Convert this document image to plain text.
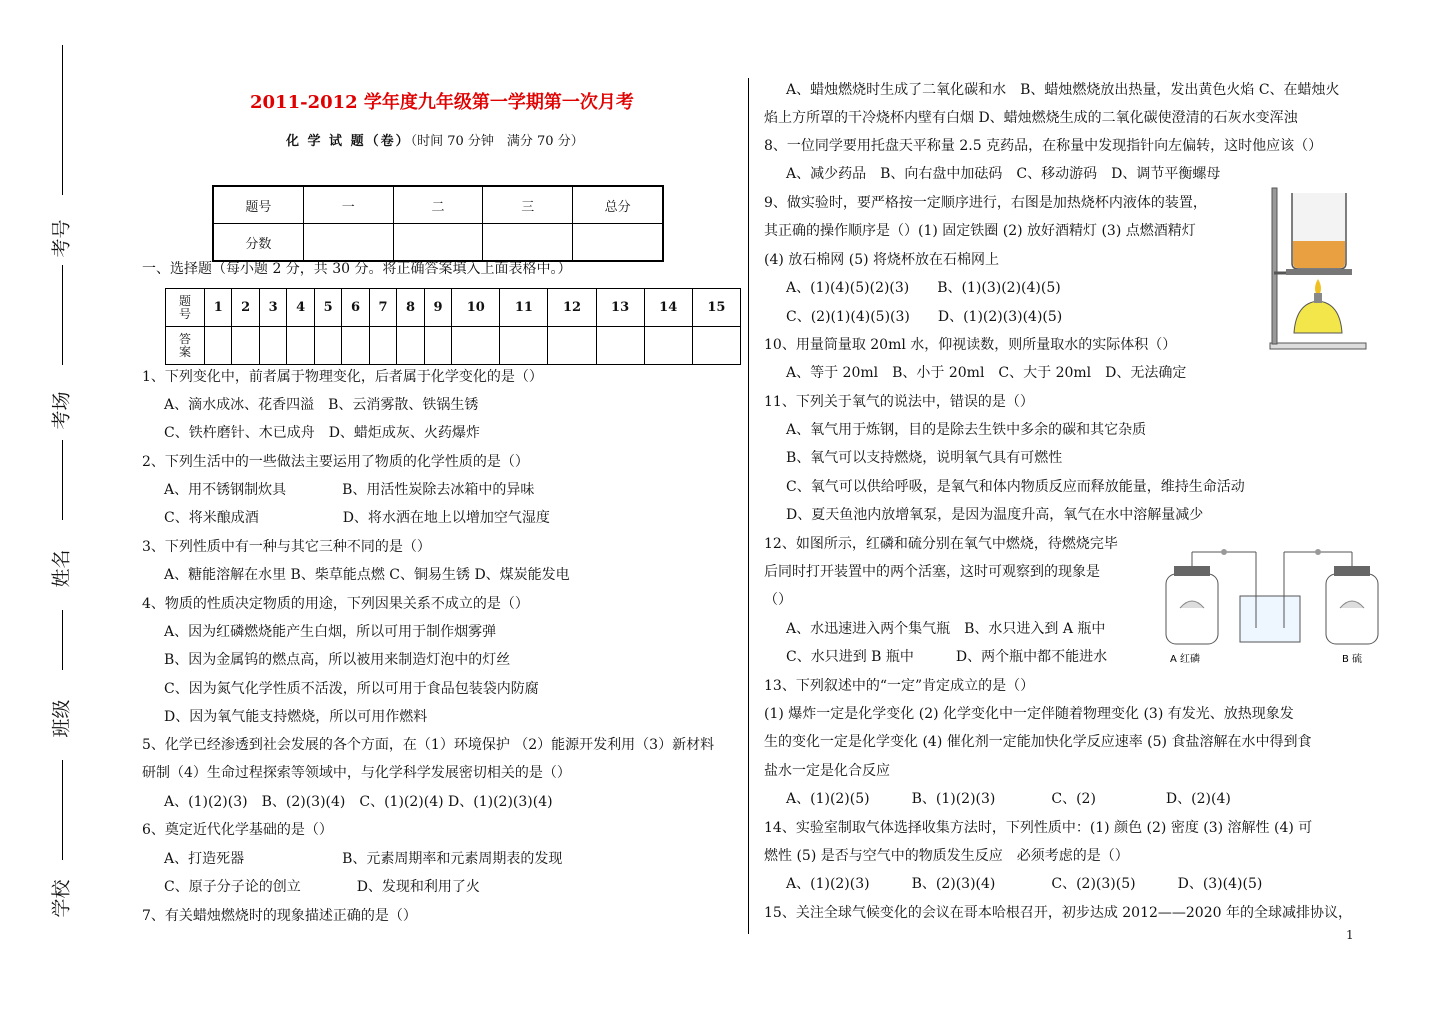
考号
考场
姓名
班级
学校
2011-2012 学年度九年级第一学期第一次月考
化 学 试 题（卷）（时间 70 分钟　满分 70 分）
题号	一	二	三	总分
分数				
一、选择题（每小题 2 分，共 30 分。将正确答案填入上面表格中。）
题
号	1	2	3	4	5	6	7	8	9	10	11	12	13	14	15
答
案															
1、下列变化中，前者属于物理变化，后者属于化学变化的是（）
A、滴水成冰、花香四溢　B、云消雾散、铁锅生锈
C、铁杵磨针、木已成舟　D、蜡炬成灰、火药爆炸
2、下列生活中的一些做法主要运用了物质的化学性质的是（）
A、用不锈钢制炊具　　　　B、用活性炭除去冰箱中的异味
C、将米酿成酒　　　　　　D、将水洒在地上以增加空气湿度
3、下列性质中有一种与其它三种不同的是（）
A、糖能溶解在水里 B、柴草能点燃 C、铜易生锈 D、煤炭能发电
4、物质的性质决定物质的用途，下列因果关系不成立的是（）
A、因为红磷燃烧能产生白烟，所以可用于制作烟雾弹
B、因为金属钨的燃点高，所以被用来制造灯泡中的灯丝
C、因为氮气化学性质不活泼，所以可用于食品包装袋内防腐
D、因为氧气能支持燃烧，所以可用作燃料
5、化学已经渗透到社会发展的各个方面，在（1）环境保护 （2）能源开发利用（3）新材料
研制（4）生命过程探索等领域中，与化学科学发展密切相关的是（）
A、(1)(2)(3)　B、(2)(3)(4)　C、(1)(2)(4) D、(1)(2)(3)(4)
6、奠定近代化学基础的是（）
A、打造死器　　　　　　　B、元素周期率和元素周期表的发现
C、原子分子论的创立　　　　D、发现和利用了火
7、有关蜡烛燃烧时的现象描述正确的是（）
A、蜡烛燃烧时生成了二氧化碳和水　B、蜡烛燃烧放出热量，发出黄色火焰 C、在蜡烛火
焰上方所罩的干冷烧杯内壁有白烟 D、蜡烛燃烧生成的二氧化碳使澄清的石灰水变浑浊
8、一位同学要用托盘天平称量 2.5 克药品，在称量中发现指针向左偏转，这时他应该（）
A、减少药品　B、向右盘中加砝码　C、移动游码　D、调节平衡螺母
9、做实验时，要严格按一定顺序进行，右图是加热烧杯内液体的装置，
其正确的操作顺序是（）(1) 固定铁圈 (2) 放好酒精灯 (3) 点燃酒精灯
(4) 放石棉网 (5) 将烧杯放在石棉网上
A、(1)(4)(5)(2)(3)　　B、(1)(3)(2)(4)(5)
C、(2)(1)(4)(5)(3)　　D、(1)(2)(3)(4)(5)
10、用量筒量取 20ml 水，仰视读数，则所量取水的实际体积（）
A、等于 20ml　B、小于 20ml　C、大于 20ml　D、无法确定
11、下列关于氧气的说法中，错误的是（）
A、氧气用于炼钢，目的是除去生铁中多余的碳和其它杂质
B、氧气可以支持燃烧，说明氧气具有可燃性
C、氧气可以供给呼吸，是氧气和体内物质反应而释放能量，维持生命活动
D、夏天鱼池内放增氧泵，是因为温度升高，氧气在水中溶解量减少
12、如图所示，红磷和硫分别在氧气中燃烧，待燃烧完毕
后同时打开装置中的两个活塞，这时可观察到的现象是
（）
A、水迅速进入两个集气瓶　B、水只进入到 A 瓶中
C、水只进到 B 瓶中　　　D、两个瓶中都不能进水
13、下列叙述中的“一定”肯定成立的是（）
(1) 爆炸一定是化学变化 (2) 化学变化中一定伴随着物理变化 (3) 有发光、放热现象发
生的变化一定是化学变化 (4) 催化剂一定能加快化学反应速率 (5) 食盐溶解在水中得到食
盐水一定是化合反应
A、(1)(2)(5)　　　B、(1)(2)(3)　　　　C、(2)　　　　　D、(2)(4)
14、实验室制取气体选择收集方法时，下列性质中：(1) 颜色 (2) 密度 (3) 溶解性 (4) 可
燃性 (5) 是否与空气中的物质发生反应　必须考虑的是（）
A、(1)(2)(3)　　　B、(2)(3)(4)　　　　C、(2)(3)(5)　　　D、(3)(4)(5)
15、关注全球气候变化的会议在哥本哈根召开，初步达成 2012——2020 年的全球减排协议，
A 红磷	B 硫
1
